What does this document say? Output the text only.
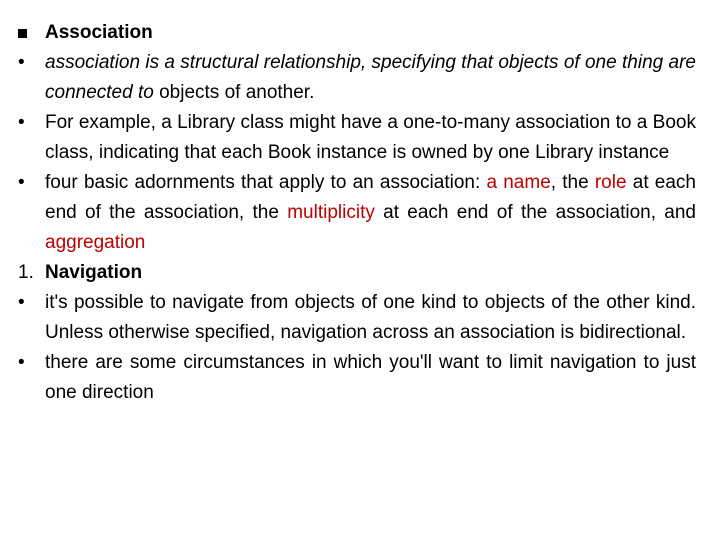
Association
•	association is a structural relationship, specifying that objects of one thing are connected to objects of another.
•	For example, a Library class might have a one-to-many association to a Book class, indicating that each Book instance is owned by one Library instance
•	four basic adornments that apply to an association: a name, the role at each end of the association, the multiplicity at each end of the association, and aggregation
1. Navigation
•	it's possible to navigate from objects of one kind to objects of the other kind. Unless otherwise specified, navigation across an association is bidirectional.
•	there are some circumstances in which you'll want to limit navigation to just one direction
